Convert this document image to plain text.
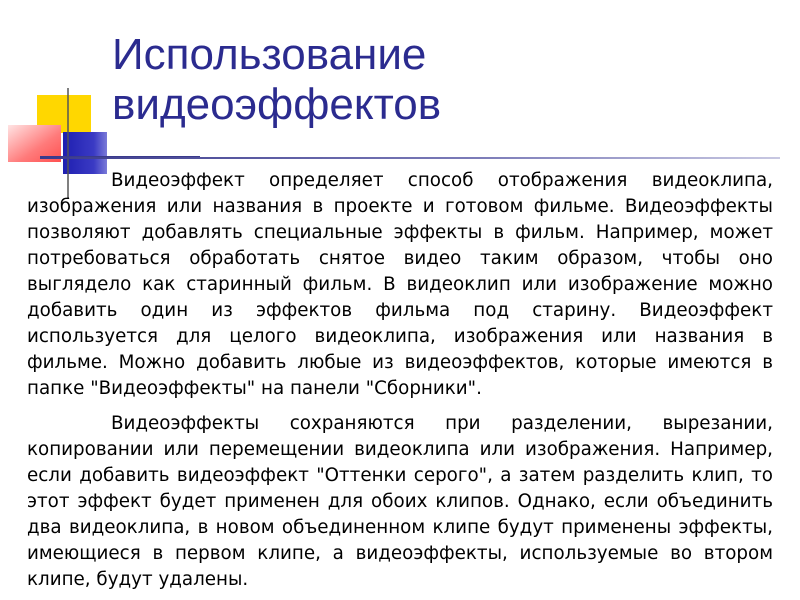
Использование
видеоэффектов

Видеоэффект определяет способ отображения видеоклипа, изображения или названия в проекте и готовом фильме. Видеоэффекты позволяют добавлять специальные эффекты в фильм. Например, может потребоваться обработать снятое видео таким образом, чтобы оно выглядело как старинный фильм. В видеоклип или изображение можно добавить один из эффектов фильма под старину. Видеоэффект используется для целого видеоклипа, изображения или названия в фильме. Можно добавить любые из видеоэффектов, которые имеются в папке "Видеоэффекты" на панели "Сборники".

Видеоэффекты сохраняются при разделении, вырезании, копировании или перемещении видеоклипа или изображения. Например, если добавить видеоэффект "Оттенки серого", а затем разделить клип, то этот эффект будет применен для обоих клипов. Однако, если объединить два видеоклипа, в новом объединенном клипе будут применены эффекты, имеющиеся в первом клипе, а видеоэффекты, используемые во втором клипе, будут удалены.
